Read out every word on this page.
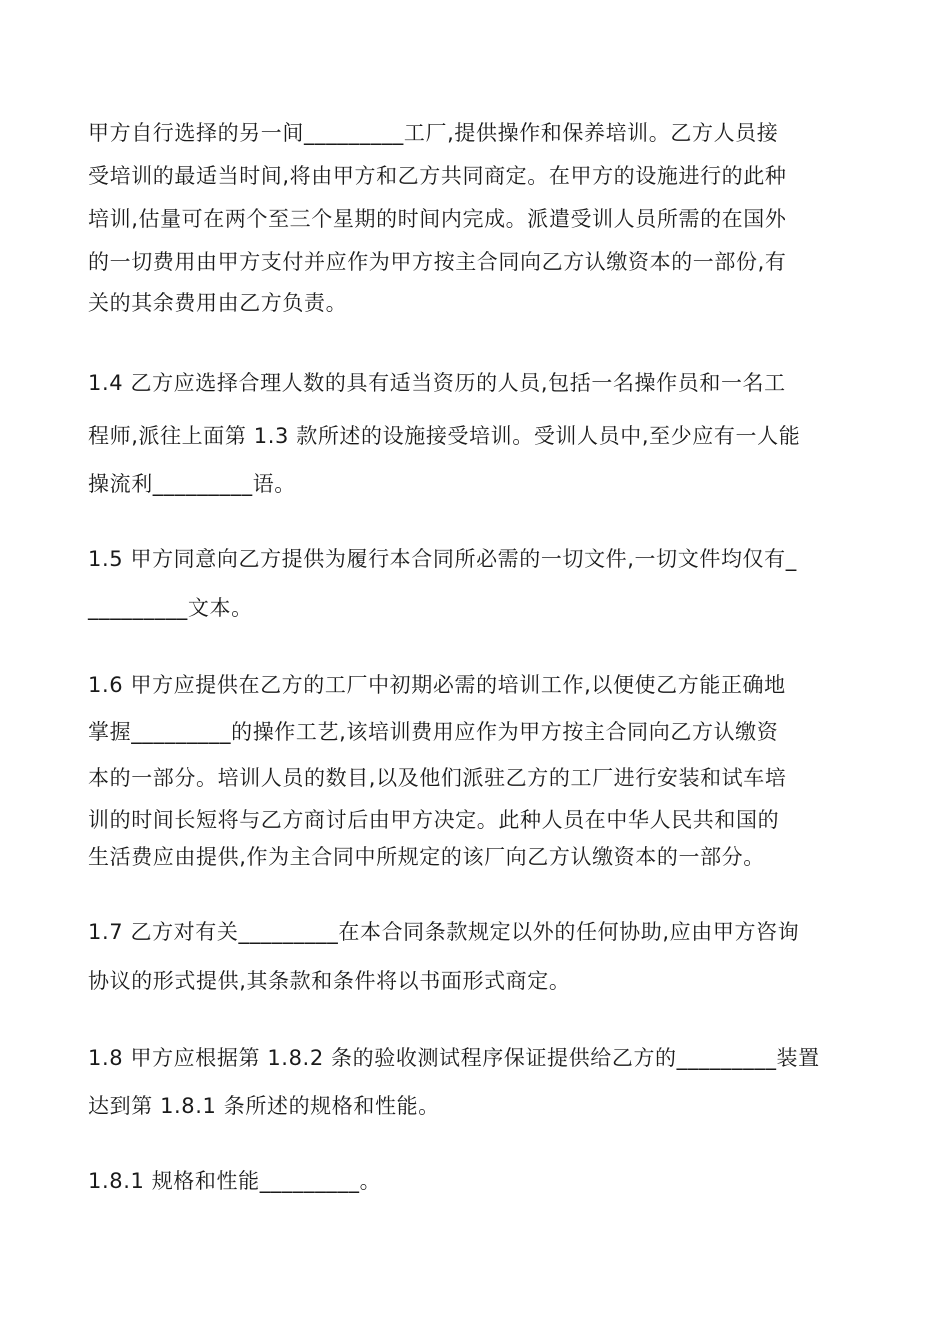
甲方自行选择的另一间_________工厂,提供操作和保养培训。乙方人员接
受培训的最适当时间,将由甲方和乙方共同商定。在甲方的设施进行的此种
培训,估量可在两个至三个星期的时间内完成。派遣受训人员所需的在国外
的一切费用由甲方支付并应作为甲方按主合同向乙方认缴资本的一部份,有
关的其余费用由乙方负责。
1.4 乙方应选择合理人数的具有适当资历的人员,包括一名操作员和一名工
程师,派往上面第 1.3 款所述的设施接受培训。受训人员中,至少应有一人能
操流利_________语。
1.5 甲方同意向乙方提供为履行本合同所必需的一切文件,一切文件均仅有_
_________文本。
1.6 甲方应提供在乙方的工厂中初期必需的培训工作,以便使乙方能正确地
掌握_________的操作工艺,该培训费用应作为甲方按主合同向乙方认缴资
本的一部分。培训人员的数目,以及他们派驻乙方的工厂进行安装和试车培
训的时间长短将与乙方商讨后由甲方决定。此种人员在中华人民共和国的
生活费应由提供,作为主合同中所规定的该厂向乙方认缴资本的一部分。
1.7 乙方对有关_________在本合同条款规定以外的任何协助,应由甲方咨询
协议的形式提供,其条款和条件将以书面形式商定。
1.8 甲方应根据第 1.8.2 条的验收测试程序保证提供给乙方的_________装置
达到第 1.8.1 条所述的规格和性能。
1.8.1 规格和性能_________。
